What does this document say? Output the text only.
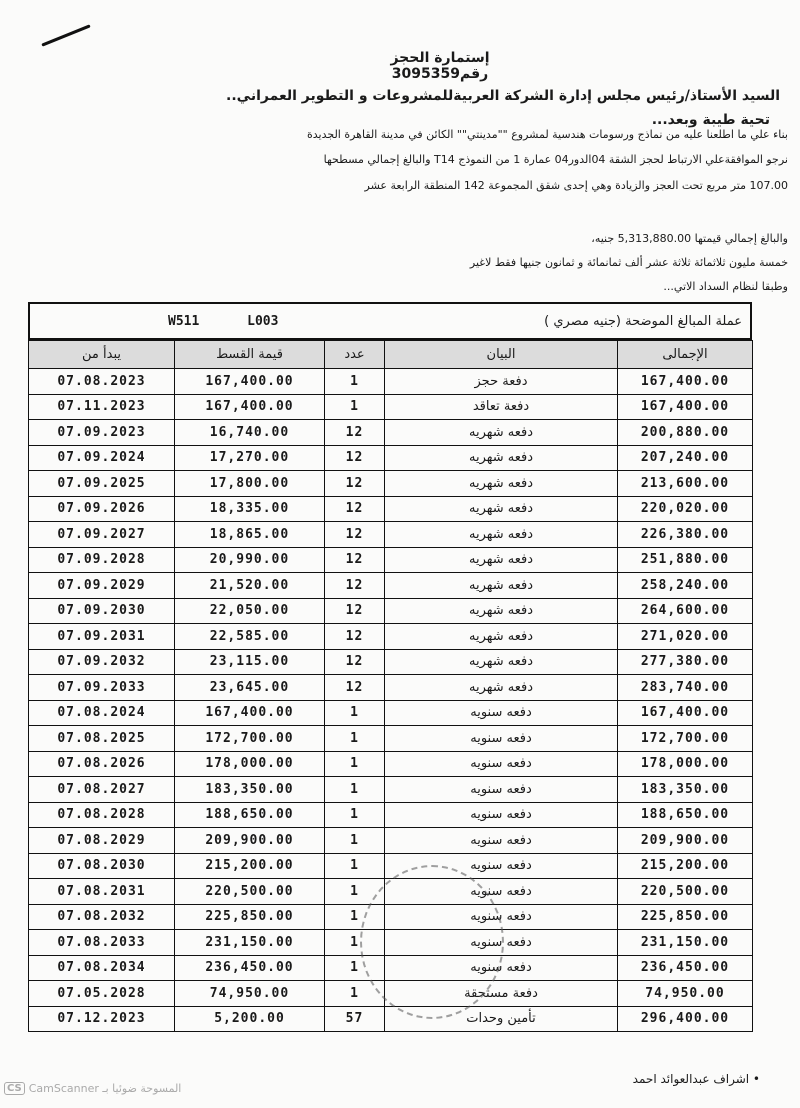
إستمارة الحجز رقم3095359
السيد الأستاذ/رئيس مجلس إدارة الشركة العربيةللمشروعات و التطوير العمراني..
تحية طيبة وبعد...
بناء علي ما اطلعنا عليه من نماذج ورسومات هندسية لمشروع ""مدينتي"" الكائن في مدينة القاهرة الجديدة
نرجو الموافقةعلي الارتباط لحجز الشقة 04الدور04 عمارة 1 من النموذج T14 والبالغ إجمالي مسطحها
107.00 متر مربع تحت العجز والزيادة وهي إحدى شقق المجموعة 142 المنطقة الرابعة عشر
والبالغ إجمالي قيمتها 5,313,880.00 جنيه،
خمسة مليون ثلاثمائة ثلاثة عشر ألف ثمانمائة و ثمانون جنيها فقط لاغير
وطبقا لنظام السداد الاتي...
W511	L003	عملة المبالغ الموضحة (جنيه مصري )
يبدأ من	قيمة القسط	عدد	البيان	الإجمالى
07.08.2023	167,400.00	1	دفعة حجز	167,400.00
07.11.2023	167,400.00	1	دفعة تعاقد	167,400.00
07.09.2023	16,740.00	12	دفعه شهريه	200,880.00
07.09.2024	17,270.00	12	دفعه شهريه	207,240.00
07.09.2025	17,800.00	12	دفعه شهريه	213,600.00
07.09.2026	18,335.00	12	دفعه شهريه	220,020.00
07.09.2027	18,865.00	12	دفعه شهريه	226,380.00
07.09.2028	20,990.00	12	دفعه شهريه	251,880.00
07.09.2029	21,520.00	12	دفعه شهريه	258,240.00
07.09.2030	22,050.00	12	دفعه شهريه	264,600.00
07.09.2031	22,585.00	12	دفعه شهريه	271,020.00
07.09.2032	23,115.00	12	دفعه شهريه	277,380.00
07.09.2033	23,645.00	12	دفعه شهريه	283,740.00
07.08.2024	167,400.00	1	دفعه سنويه	167,400.00
07.08.2025	172,700.00	1	دفعه سنويه	172,700.00
07.08.2026	178,000.00	1	دفعه سنويه	178,000.00
07.08.2027	183,350.00	1	دفعه سنويه	183,350.00
07.08.2028	188,650.00	1	دفعه سنويه	188,650.00
07.08.2029	209,900.00	1	دفعه سنويه	209,900.00
07.08.2030	215,200.00	1	دفعه سنويه	215,200.00
07.08.2031	220,500.00	1	دفعه سنويه	220,500.00
07.08.2032	225,850.00	1	دفعه سنويه	225,850.00
07.08.2033	231,150.00	1	دفعه سنويه	231,150.00
07.08.2034	236,450.00	1	دفعه سنويه	236,450.00
07.05.2028	74,950.00	1	دفعة مستحقة	74,950.00
07.12.2023	5,200.00	57	تأمين وحدات	296,400.00
• اشراف عبدالعوائد احمد
CS CamScanner المسوحة ضوئيا بـ
